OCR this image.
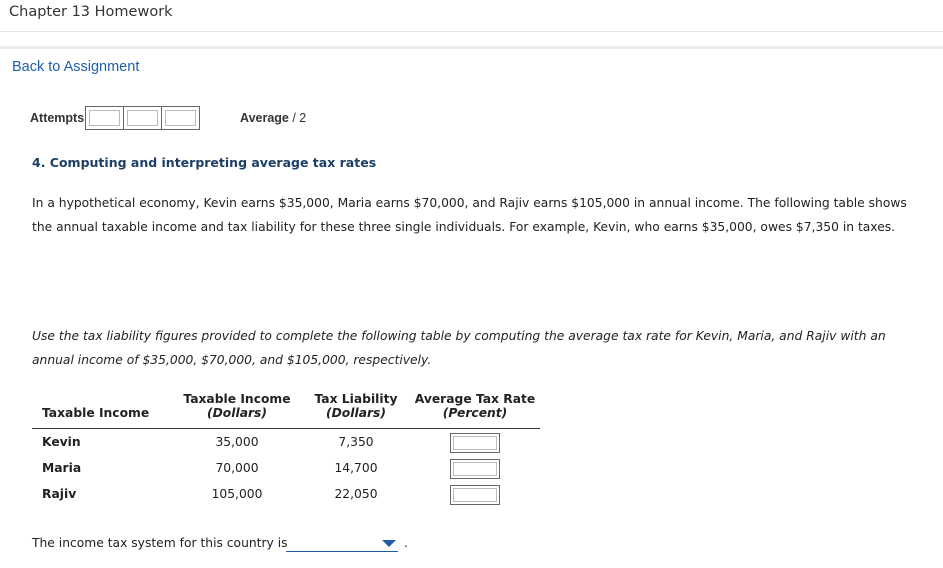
Chapter 13 Homework
Back to Assignment
Attempts	Average / 2
4. Computing and interpreting average tax rates
In a hypothetical economy, Kevin earns $35,000, Maria earns $70,000, and Rajiv earns $105,000 in annual income. The following table shows the annual taxable income and tax liability for these three single individuals. For example, Kevin, who earns $35,000, owes $7,350 in taxes.
Use the tax liability figures provided to complete the following table by computing the average tax rate for Kevin, Maria, and Rajiv with an annual income of $35,000, $70,000, and $105,000, respectively.
	Taxable Income	Tax Liability	Average Tax Rate
Taxable Income	(Dollars)	(Dollars)	(Percent)
Kevin	35,000	7,350	

Maria	70,000	14,700	

Rajiv	105,000	22,050	
The income tax system for this country is	.
